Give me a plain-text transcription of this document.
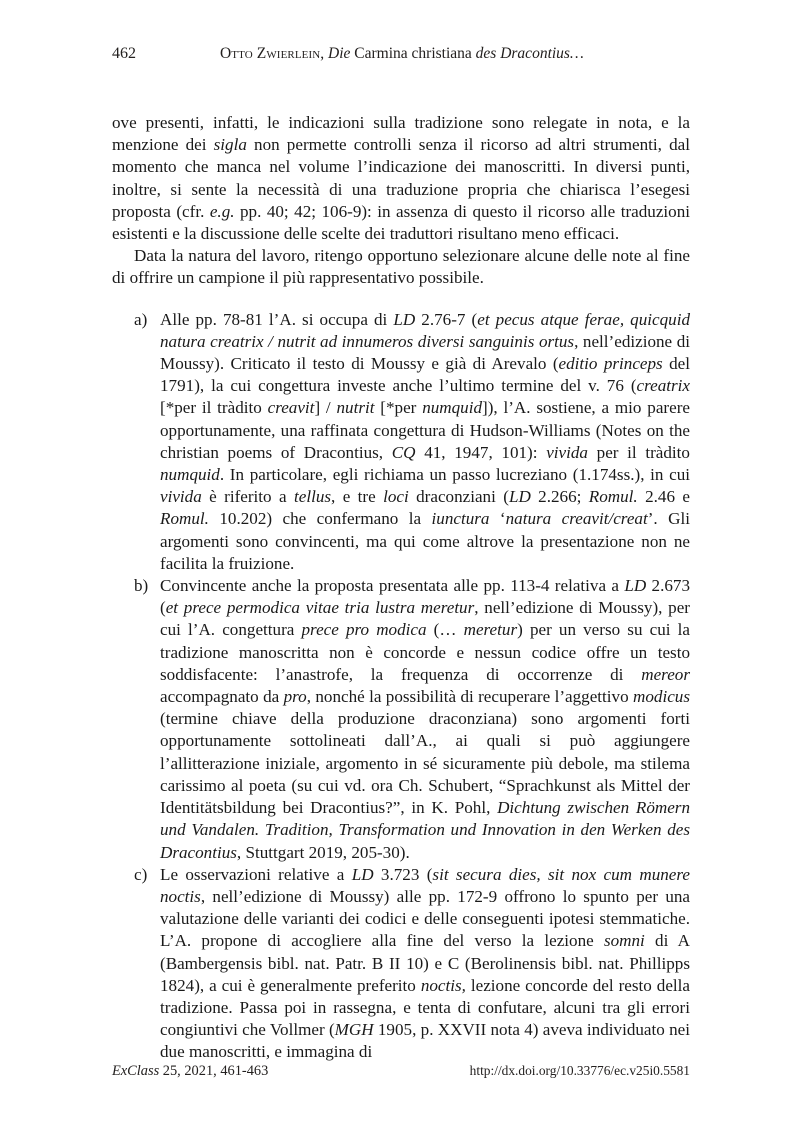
462	Otto Zwierlein, Die Carmina christiana des Dracontius…

ove presenti, infatti, le indicazioni sulla tradizione sono relegate in nota, e la menzione dei sigla non permette controlli senza il ricorso ad altri strumenti, dal momento che manca nel volume l’indicazione dei manoscritti. In diversi punti, inoltre, si sente la necessità di una traduzione propria che chiarisca l’esegesi proposta (cfr. e.g. pp. 40; 42; 106-9): in assenza di questo il ricorso alle traduzioni esistenti e la discussione delle scelte dei traduttori risultano meno efficaci.

Data la natura del lavoro, ritengo opportuno selezionare alcune delle note al fine di offrire un campione il più rappresentativo possibile.

a) Alle pp. 78-81 l’A. si occupa di LD 2.76-7 (et pecus atque ferae, quicquid natura creatrix / nutrit ad innumeros diversi sanguinis ortus, nell’edizione di Moussy). Criticato il testo di Moussy e già di Arevalo (editio princeps del 1791), la cui congettura investe anche l’ultimo termine del v. 76 (creatrix [*per il tràdito creavit] / nutrit [*per numquid]), l’A. sostiene, a mio parere opportunamente, una raffinata congettura di Hudson-Williams (Notes on the christian poems of Dracontius, CQ 41, 1947, 101): vivida per il tràdito numquid. In particolare, egli richiama un passo lucreziano (1.174ss.), in cui vivida è riferito a tellus, e tre loci draconziani (LD 2.266; Romul. 2.46 e Romul. 10.202) che confermano la iunctura ‘natura creavit/creat’. Gli argomenti sono convincenti, ma qui come altrove la presentazione non ne facilita la fruizione.
b) Convincente anche la proposta presentata alle pp. 113-4 relativa a LD 2.673 (et prece permodica vitae tria lustra meretur, nell’edizione di Moussy), per cui l’A. congettura prece pro modica (… meretur) per un verso su cui la tradizione manoscritta non è concorde e nessun codice offre un testo soddisfacente: l’anastrofe, la frequenza di occorrenze di mereor accompagnato da pro, nonché la possibilità di recuperare l’aggettivo modicus (termine chiave della produzione draconziana) sono argomenti forti opportunamente sottolineati dall’A., ai quali si può aggiungere l’allitterazione iniziale, argomento in sé sicuramente più debole, ma stilema carissimo al poeta (su cui vd. ora Ch. Schubert, “Sprachkunst als Mittel der Identitätsbildung bei Dracontius?”, in K. Pohl, Dichtung zwischen Römern und Vandalen. Tradition, Transformation und Innovation in den Werken des Dracontius, Stuttgart 2019, 205-30).
c) Le osservazioni relative a LD 3.723 (sit secura dies, sit nox cum munere noctis, nell’edizione di Moussy) alle pp. 172-9 offrono lo spunto per una valutazione delle varianti dei codici e delle conseguenti ipotesi stemmatiche. L’A. propone di accogliere alla fine del verso la lezione somni di A (Bambergensis bibl. nat. Patr. B II 10) e C (Berolinensis bibl. nat. Phillipps 1824), a cui è generalmente preferito noctis, lezione concorde del resto della tradizione. Passa poi in rassegna, e tenta di confutare, alcuni tra gli errori congiuntivi che Vollmer (MGH 1905, p. XXVII nota 4) aveva individuato nei due manoscritti, e immagina di
ExClass 25, 2021, 461-463	http://dx.doi.org/10.33776/ec.v25i0.5581
